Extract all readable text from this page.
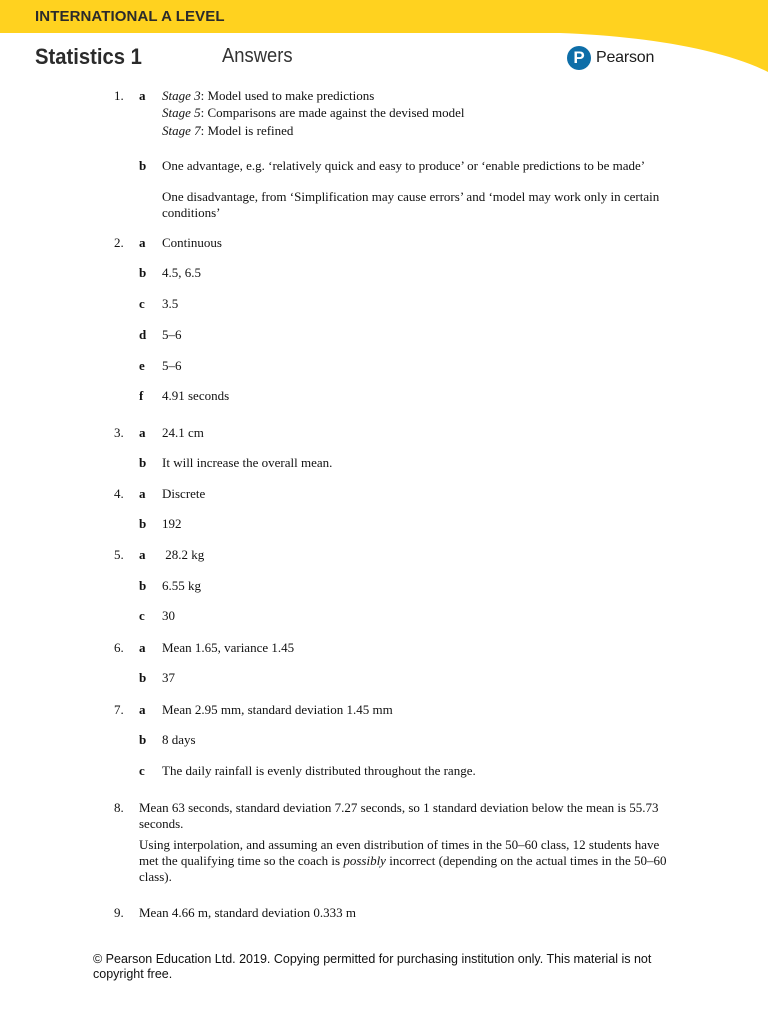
INTERNATIONAL A LEVEL
Statistics 1	Answers	P Pearson
1. a Stage 3: Model used to make predictions
Stage 5: Comparisons are made against the devised model
Stage 7: Model is refined
b One advantage, e.g. ‘relatively quick and easy to produce’ or ‘enable predictions to be made’
One disadvantage, from ‘Simplification may cause errors’ and ‘model may work only in certain conditions’
2. a Continuous
b 4.5, 6.5
c 3.5
d 5–6
e 5–6
f 4.91 seconds
3. a 24.1 cm
b It will increase the overall mean.
4. a Discrete
b 192
5. a 28.2 kg
b 6.55 kg
c 30
6. a Mean 1.65, variance 1.45
b 37
7. a Mean 2.95 mm, standard deviation 1.45 mm
b 8 days
c The daily rainfall is evenly distributed throughout the range.
8. Mean 63 seconds, standard deviation 7.27 seconds, so 1 standard deviation below the mean is 55.73 seconds.
Using interpolation, and assuming an even distribution of times in the 50–60 class, 12 students have met the qualifying time so the coach is possibly incorrect (depending on the actual times in the 50–60 class).
9. Mean 4.66 m, standard deviation 0.333 m
© Pearson Education Ltd. 2019. Copying permitted for purchasing institution only. This material is not copyright free.
